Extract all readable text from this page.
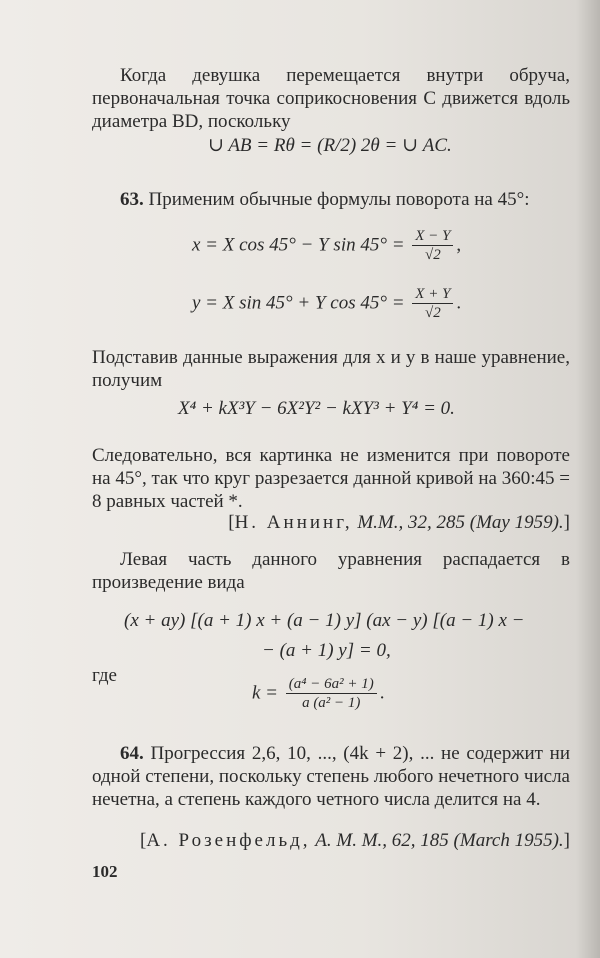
Когда девушка перемещается внутри обруча, первоначальная точка соприкосновения C движется вдоль диаметра BD, поскольку
∪ AB = Rθ = (R/2) 2θ = ∪ AC.
63. Применим обычные формулы поворота на 45°:
x = X cos 45° − Y $\sin 45^\circ = \frac{X - Y}{√2}$ ,
y = X sin 45° + Y $\cos 45^\circ = \frac{X + Y}{√2}$ .
Подставив данные выражения для x и y в наше уравнение, получим
X⁴ + kX³Y − 6X²Y² − kXY³ + Y⁴ = 0.
Следовательно, вся картинка не изменится при повороте на 45°, так что круг разрезается данной кривой на 360:45 = 8 равных частей *.
[Н. Аннинг, M.M., 32, 285 (May 1959).]
Левая часть данного уравнения распадается в произведение вида
(x + ay) [(a + 1) x + (a − 1) y] (ax − y) [(a − 1) x −
− (a + 1) y] = 0,
где
$k = \frac{\text{(a⁴ − 6a² + 1)}}{\text{a (a² − 1)}}$ .
64. Прогрессия 2,6, 10, ..., (4k + 2), ... не содержит ни одной степени, поскольку степень любого нечетного числа нечетна, а степень каждого четного числа делится на 4.
[А. Розенфельд, A. M. M., 62, 185 (March 1955).]
102
